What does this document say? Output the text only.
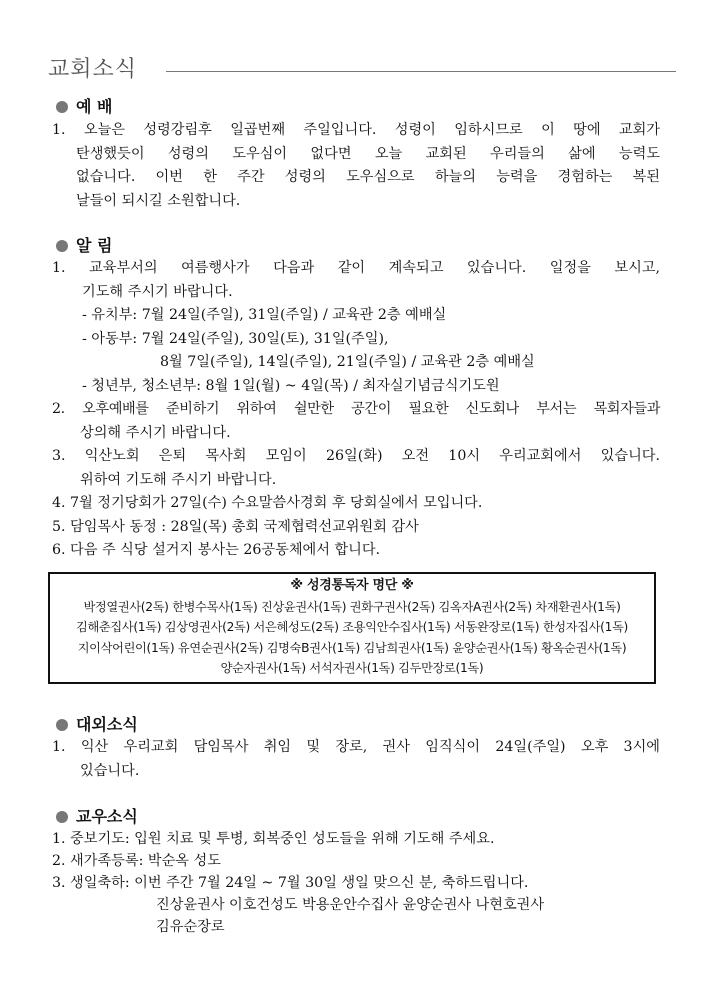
교회소식
예 배
1. 오늘은 성령강림후 일곱번째 주일입니다. 성령이 임하시므로 이 땅에 교회가
탄생했듯이 성령의 도우심이 없다면 오늘 교회된 우리들의 삶에 능력도
없습니다. 이번 한 주간 성령의 도우심으로 하늘의 능력을 경험하는 복된
날들이 되시길 소원합니다.
알 림
1. 교육부서의 여름행사가 다음과 같이 계속되고 있습니다. 일정을 보시고,
기도해 주시기 바랍니다.
- 유치부: 7월 24일(주일), 31일(주일) / 교육관 2층 예배실
- 아동부: 7월 24일(주일), 30일(토), 31일(주일),
8월 7일(주일), 14일(주일), 21일(주일) / 교육관 2층 예배실
- 청년부, 청소년부: 8월 1일(월) ~ 4일(목) / 최자실기념금식기도원
2. 오후예배를 준비하기 위하여 쉴만한 공간이 필요한 신도회나 부서는 목회자들과
상의해 주시기 바랍니다.
3. 익산노회 은퇴 목사회 모임이 26일(화) 오전 10시 우리교회에서 있습니다.
위하여 기도해 주시기 바랍니다.
4. 7월 정기당회가 27일(수) 수요말씀사경회 후 당회실에서 모입니다.
5. 담임목사 동정 : 28일(목) 총회 국제협력선교위원회 감사
6. 다음 주 식당 설거지 봉사는 26공동체에서 합니다.
※ 성경통독자 명단 ※
박정열권사(2독) 한병수목사(1독) 진상윤권사(1독) 권화구권사(2독) 김옥자A권사(2독) 차재환권사(1독)
김해춘집사(1독) 김상영권사(2독) 서은혜성도(2독) 조용익안수집사(1독) 서동완장로(1독) 한성자집사(1독)
지이삭어린이(1독) 유연순권사(2독) 김명숙B권사(1독) 김남희권사(1독) 윤양순권사(1독) 황옥순권사(1독)
양순자권사(1독) 서석자권사(1독) 김두만장로(1독)
대외소식
1. 익산 우리교회 담임목사 취임 및 장로, 권사 임직식이 24일(주일) 오후 3시에
있습니다.
교우소식
1. 중보기도: 입원 치료 및 투병, 회복중인 성도들을 위해 기도해 주세요.
2. 새가족등록: 박순옥 성도
3. 생일축하: 이번 주간 7월 24일 ~ 7월 30일 생일 맞으신 분, 축하드립니다.
진상윤권사 이호건성도 박용운안수집사 윤양순권사 나현호권사
김유순장로
